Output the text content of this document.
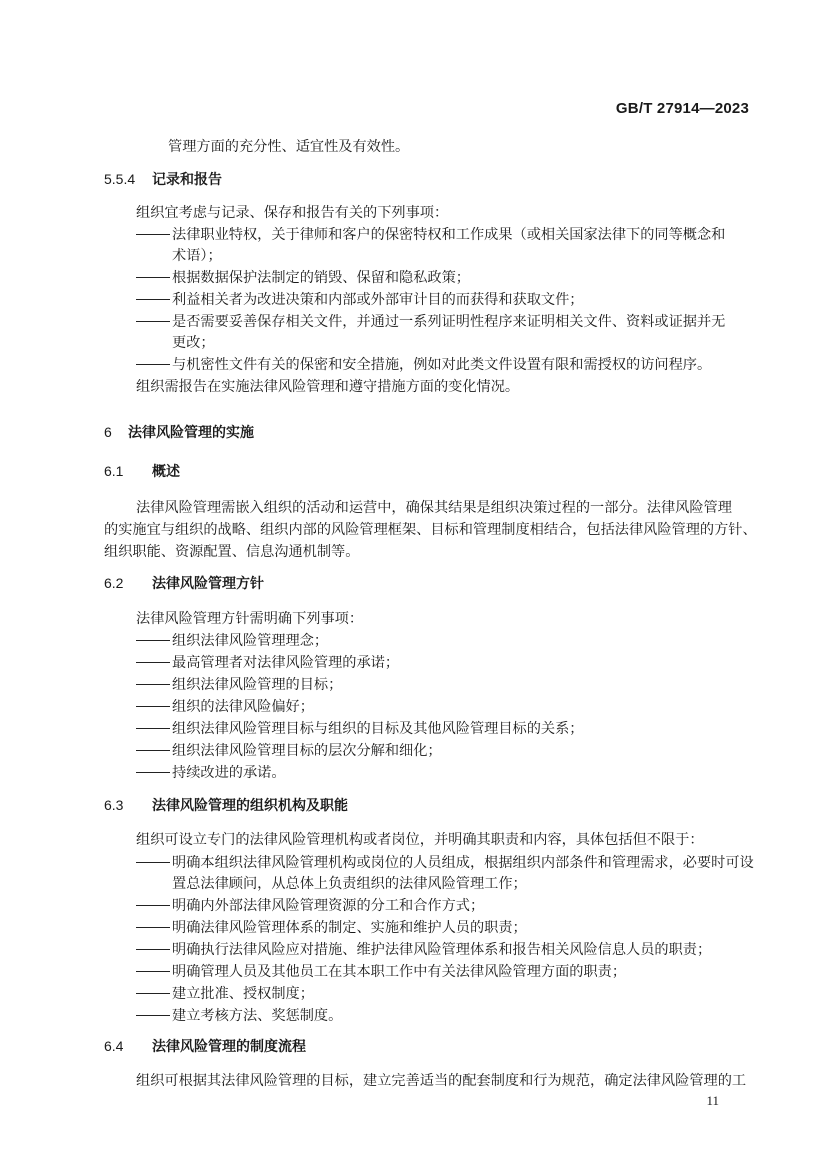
GB/T 27914—2023
管理方面的充分性、适宜性及有效性。
5.5.4 记录和报告
组织宜考虑与记录、保存和报告有关的下列事项：
法律职业特权，关于律师和客户的保密特权和工作成果（或相关国家法律下的同等概念和
术语）；
根据数据保护法制定的销毁、保留和隐私政策；
利益相关者为改进决策和内部或外部审计目的而获得和获取文件；
是否需要妥善保存相关文件，并通过一系列证明性程序来证明相关文件、资料或证据并无
更改；
与机密性文件有关的保密和安全措施，例如对此类文件设置有限和需授权的访问程序。
组织需报告在实施法律风险管理和遵守措施方面的变化情况。
6 法律风险管理的实施
6.1 概述
法律风险管理需嵌入组织的活动和运营中，确保其结果是组织决策过程的一部分。法律风险管理
的实施宜与组织的战略、组织内部的风险管理框架、目标和管理制度相结合，包括法律风险管理的方针、
组织职能、资源配置、信息沟通机制等。
6.2 法律风险管理方针
法律风险管理方针需明确下列事项：
组织法律风险管理理念；
最高管理者对法律风险管理的承诺；
组织法律风险管理的目标；
组织的法律风险偏好；
组织法律风险管理目标与组织的目标及其他风险管理目标的关系；
组织法律风险管理目标的层次分解和细化；
持续改进的承诺。
6.3 法律风险管理的组织机构及职能
组织可设立专门的法律风险管理机构或者岗位，并明确其职责和内容，具体包括但不限于：
明确本组织法律风险管理机构或岗位的人员组成，根据组织内部条件和管理需求，必要时可设
置总法律顾问，从总体上负责组织的法律风险管理工作；
明确内外部法律风险管理资源的分工和合作方式；
明确法律风险管理体系的制定、实施和维护人员的职责；
明确执行法律风险应对措施、维护法律风险管理体系和报告相关风险信息人员的职责；
明确管理人员及其他员工在其本职工作中有关法律风险管理方面的职责；
建立批准、授权制度；
建立考核方法、奖惩制度。
6.4 法律风险管理的制度流程
组织可根据其法律风险管理的目标，建立完善适当的配套制度和行为规范，确定法律风险管理的工
11
